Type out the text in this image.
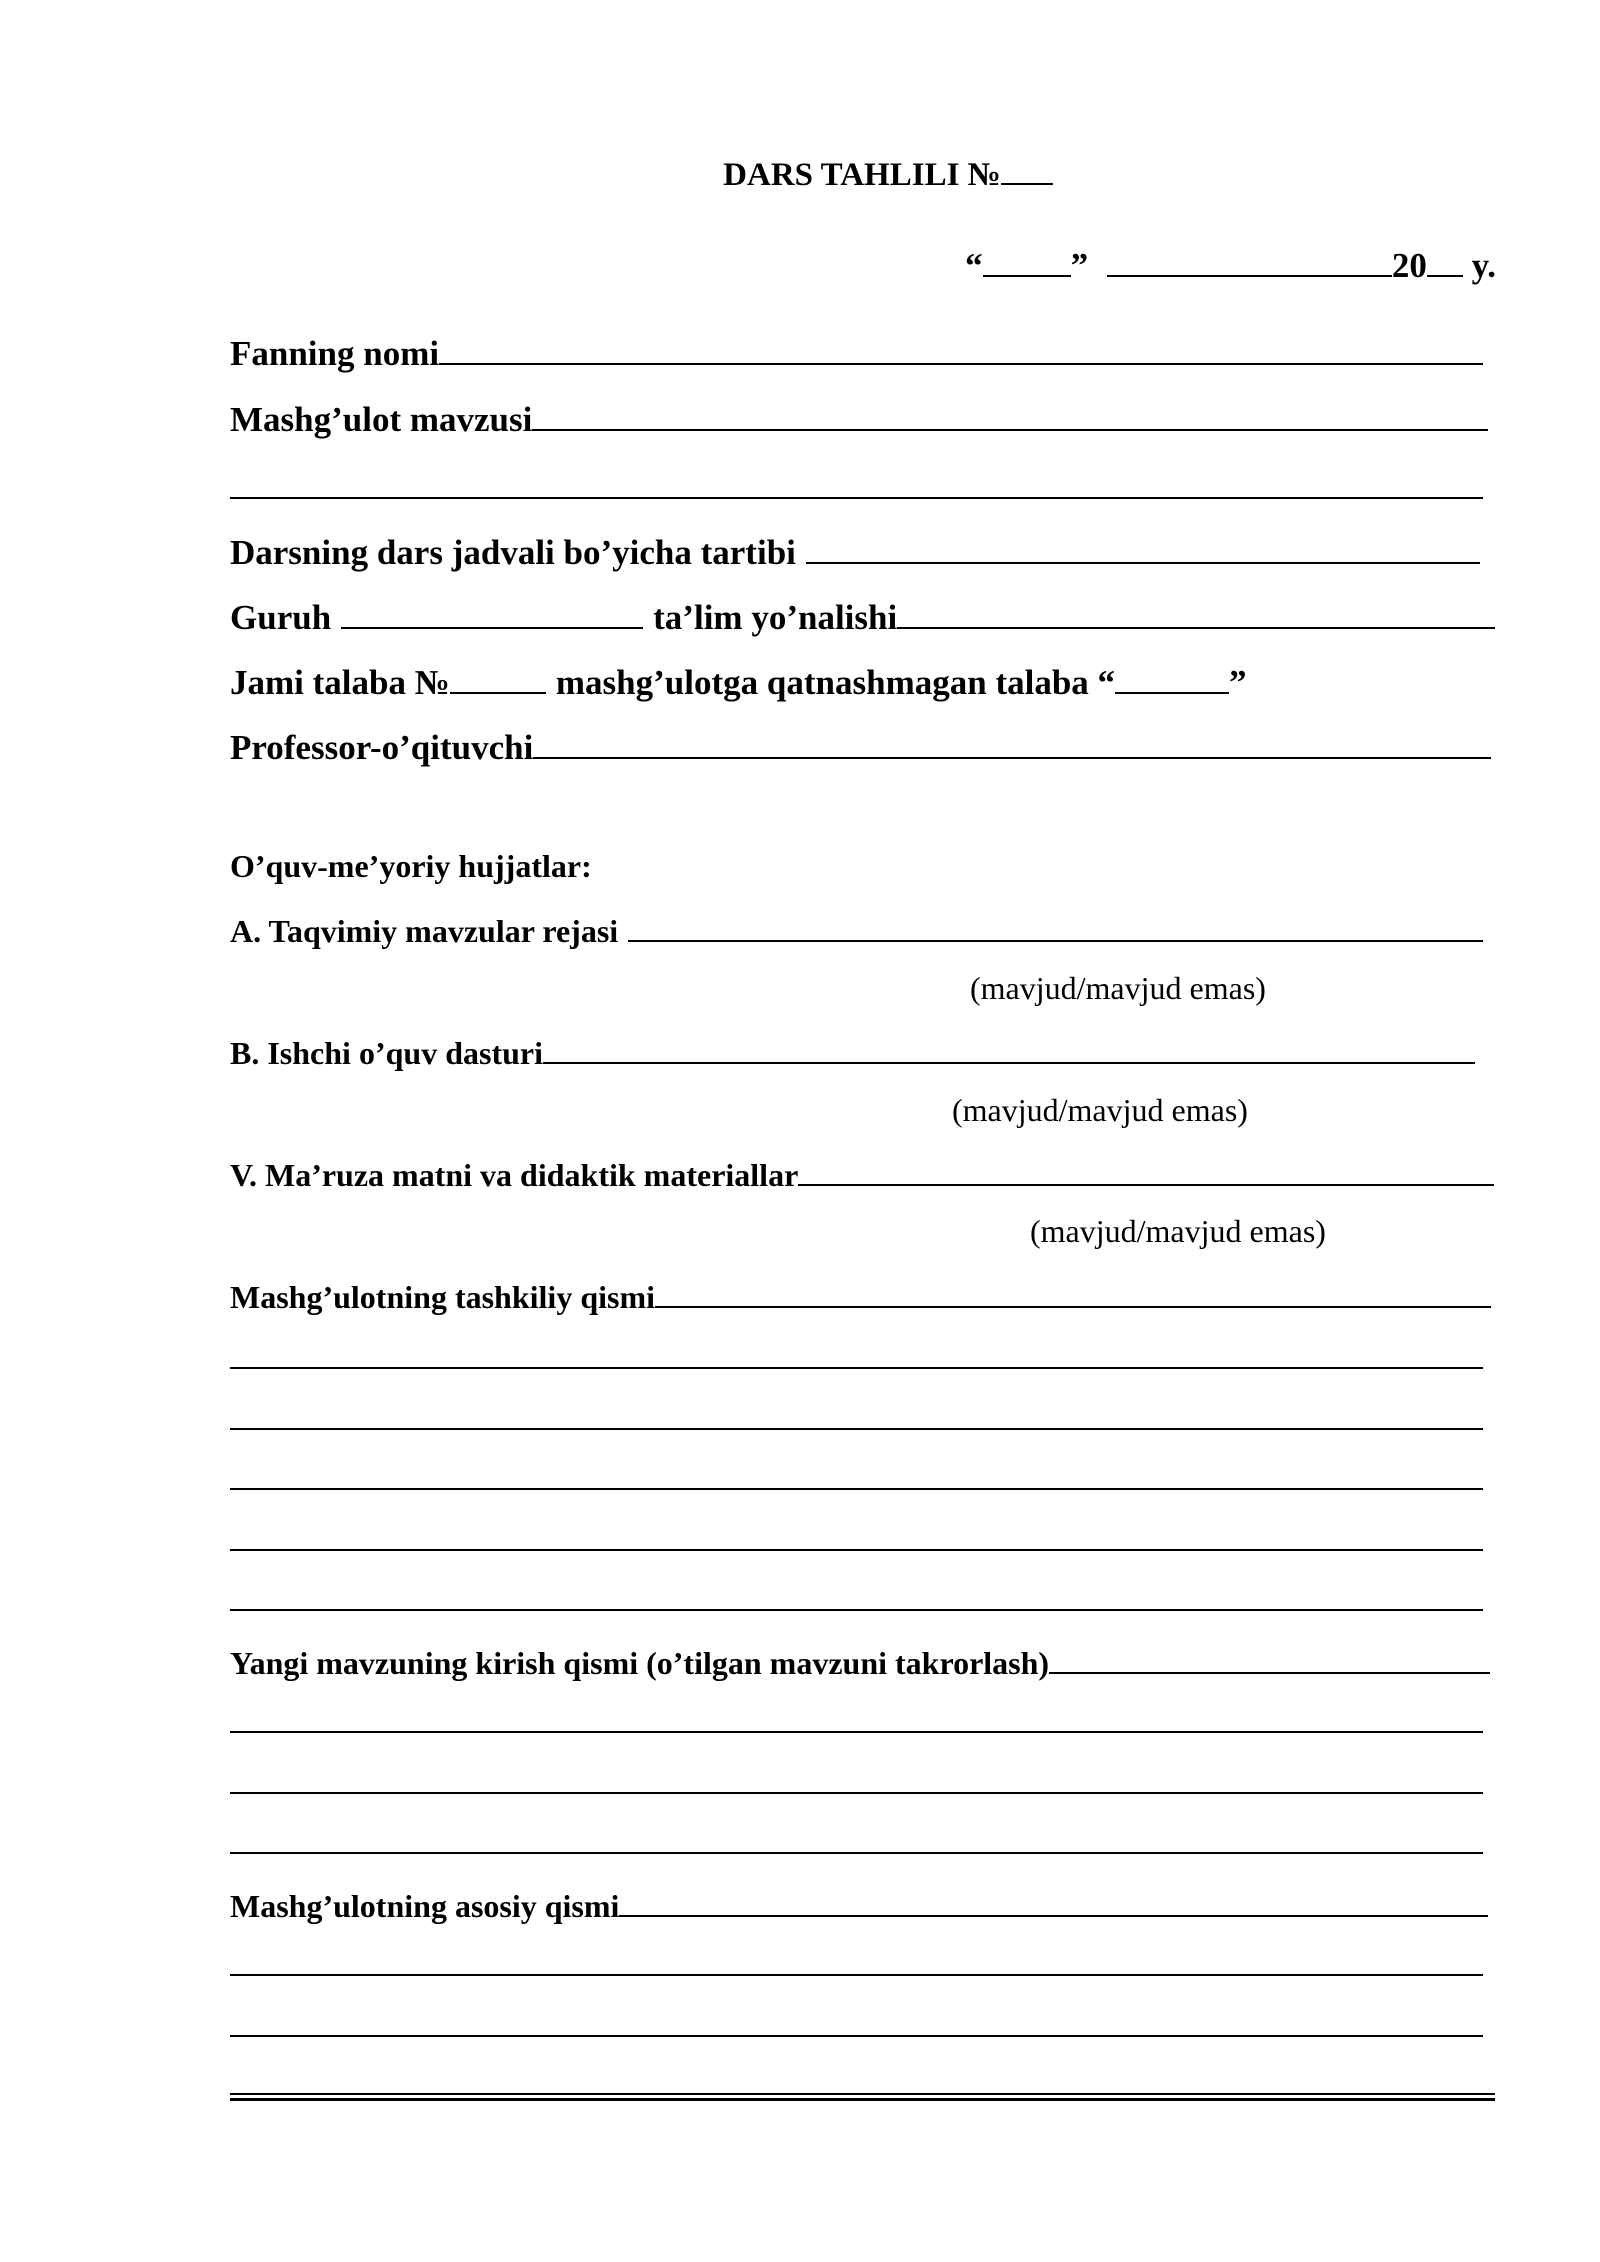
DARS TAHLILI №
“	”	20 y.
Fanning nomi
Mashg’ulot mavzusi
Darsning dars jadvali bo’yicha tartibi
Guruh	ta’lim yo’nalishi
Jami talaba №	mashg’ulotga qatnashmagan talaba “	”
Professor-o’qituvchi
O’quv-me’yoriy hujjatlar:
A. Taqvimiy mavzular rejasi
(mavjud/mavjud emas)
B. Ishchi o’quv dasturi
(mavjud/mavjud emas)
V. Ma’ruza matni va didaktik materiallar
(mavjud/mavjud emas)
Mashg’ulotning tashkiliy qismi
Yangi mavzuning kirish qismi (o’tilgan mavzuni takrorlash)
Mashg’ulotning asosiy qismi
